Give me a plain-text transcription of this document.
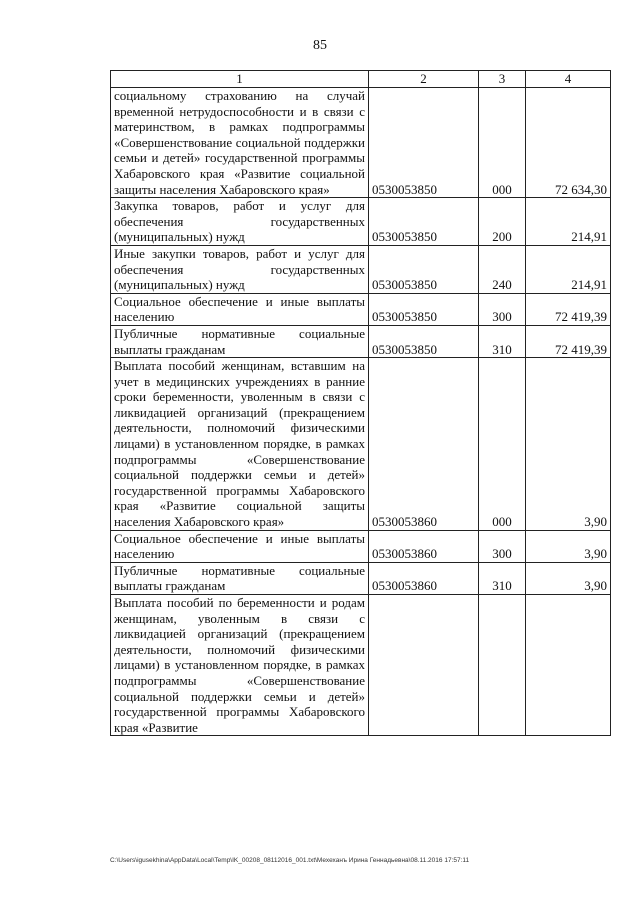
85
1	2	3	4
социальному страхованию на случай временной нетрудоспособности и в связи с материнством, в рамках подпрограммы «Совершенствование социальной поддержки семьи и детей» государственной программы Хабаровского края «Развитие социальной защиты населения Хабаровского края»	0530053850	000	72 634,30
Закупка товаров, работ и услуг для обеспечения государственных (муниципальных) нужд	0530053850	200	214,91
Иные закупки товаров, работ и услуг для обеспечения государственных (муниципальных) нужд	0530053850	240	214,91
Социальное обеспечение и иные выплаты населению	0530053850	300	72 419,39
Публичные нормативные социальные выплаты гражданам	0530053850	310	72 419,39
Выплата пособий женщинам, вставшим на учет в медицинских учреждениях в ранние сроки беременности, уволенным в связи с ликвидацией организаций (прекращением деятельности, полномочий физическими лицами) в установленном порядке, в рамках подпрограммы «Совершенствование социальной поддержки семьи и детей» государственной программы Хабаровского края «Развитие социальной защиты населения Хабаровского края»	0530053860	000	3,90
Социальное обеспечение и иные выплаты населению	0530053860	300	3,90
Публичные нормативные социальные выплаты гражданам	0530053860	310	3,90
Выплата пособий по беременности и родам женщинам, уволенным в связи с ликвидацией организаций (прекращением деятельности, полномочий физическими лицами) в установленном порядке, в рамках подпрограммы «Совершенствование социальной поддержки семьи и детей» государственной программы Хабаровского края «Развитие			
C:\Users\igusekhina\AppData\Local\Temp\IK_00208_08112016_001.txt\Мехеханъ Ирина Геннадьевна\08.11.2016 17:57:11
